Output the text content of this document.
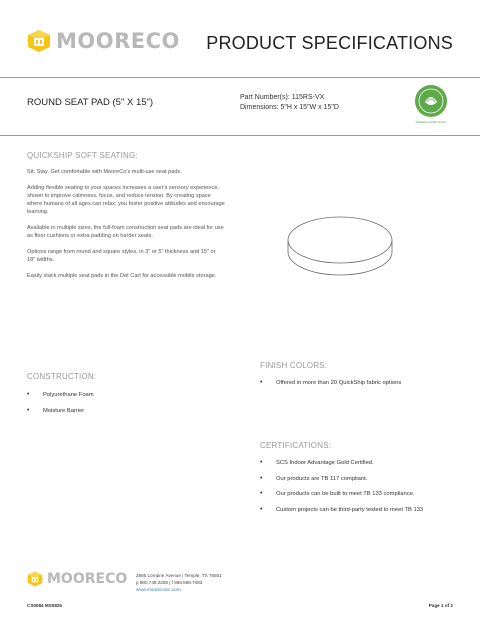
MOORECO PRODUCT SPECIFICATIONS
ROUND SEAT PAD (5" X 15")	Part Number(s): 115RS-VX
Dimensions: 5"H x 15"W x 15"D
GREENGUARD GOLD
QUICKSHIP SOFT SEATING:

Sit. Stay. Get comfortable with MooreCo's multi-use seat pads.

Adding flexible seating to your spaces increases a user's sensory experience, shown to improve calmness, focus, and reduce tension. By creating space where humans of all ages can relax, you foster positive attitudes and encourage learning.

Available in multiple sizes, the full-foam construction seat pads are ideal for use as floor cushions or extra padding on harder seats.

Options range from round and square styles, in 3" or 5" thickness and 15" or 18" widths.

Easily stack multiple seat pads in the Dot Cart for accessible mobile storage.

CONSTRUCTION:
• Polyurethane Foam
• Moisture Barrier
FINISH COLORS:
• Offered in more than 20 QuickShip fabric options
CERTIFICATIONS:
• SCS Indoor Advantage Gold Certified.
• Our products are TB 117 compliant.
• Our products can be built to meet TB 133 compliance.
• Custom projects can be third-party tested to meet TB 133
MOORECO 2885 Lorraine Avenue | Temple, TX 76501
p 800.749.2258 | f 866.888.7483
www.moorecoinc.com
CS0084 MS0825	Page 1 of 2
